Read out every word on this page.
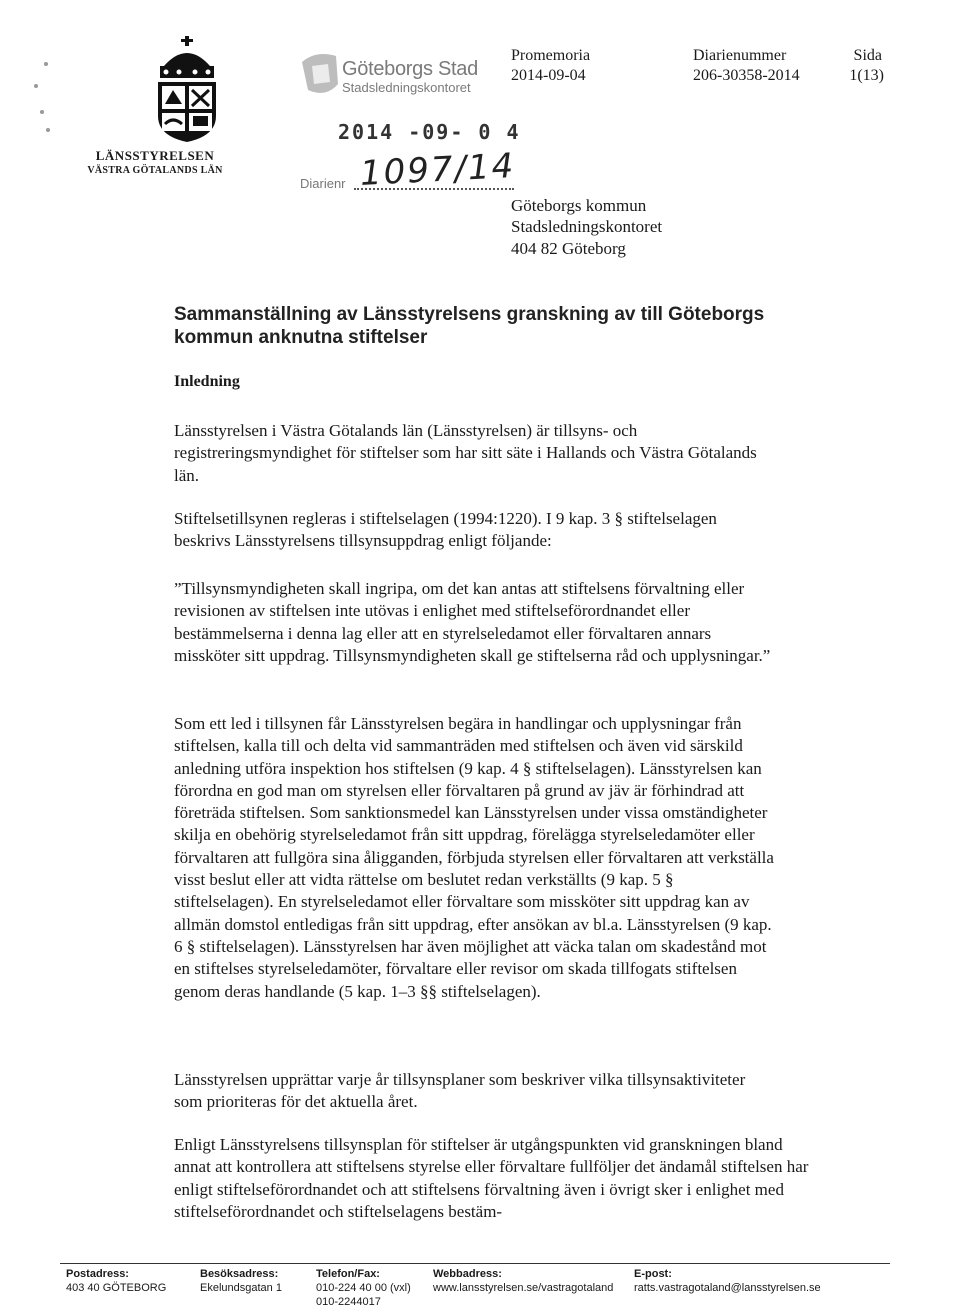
LÄNSSTYRELSEN
VÄSTRA GÖTALANDS LÄN
Göteborgs Stad
Stadsledningskontoret
2014 -09- 0 4
Diarienr 1097/14
Promemoria
2014-09-04
Diarienummer
206-30358-2014
Sida
1(13)
Göteborgs kommun
Stadsledningskontoret
404 82 Göteborg
Sammanställning av Länsstyrelsens granskning av till Göteborgs kommun anknutna stiftelser
Inledning
Länsstyrelsen i Västra Götalands län (Länsstyrelsen) är tillsyns- och registreringsmyndighet för stiftelser som har sitt säte i Hallands och Västra Götalands län.
Stiftelsetillsynen regleras i stiftelselagen (1994:1220). I 9 kap. 3 § stiftelselagen beskrivs Länsstyrelsens tillsynsuppdrag enligt följande:
”Tillsynsmyndigheten skall ingripa, om det kan antas att stiftelsens förvaltning eller revisionen av stiftelsen inte utövas i enlighet med stiftelseförordnandet eller bestämmelserna i denna lag eller att en styrelseledamot eller förvaltaren annars missköter sitt uppdrag. Tillsynsmyndigheten skall ge stiftelserna råd och upplysningar.”
Som ett led i tillsynen får Länsstyrelsen begära in handlingar och upplysningar från stiftelsen, kalla till och delta vid sammanträden med stiftelsen och även vid särskild anledning utföra inspektion hos stiftelsen (9 kap. 4 § stiftelselagen). Länsstyrelsen kan förordna en god man om styrelsen eller förvaltaren på grund av jäv är förhindrad att företräda stiftelsen. Som sanktionsmedel kan Länsstyrelsen under vissa omständigheter skilja en obehörig styrelseledamot från sitt uppdrag, förelägga styrelseledamöter eller förvaltaren att fullgöra sina åligganden, förbjuda styrelsen eller förvaltaren att verkställa visst beslut eller att vidta rättelse om beslutet redan verkställts (9 kap. 5 § stiftelselagen). En styrelseledamot eller förvaltare som missköter sitt uppdrag kan av allmän domstol entledigas från sitt uppdrag, efter ansökan av bl.a. Länsstyrelsen (9 kap. 6 § stiftelselagen). Länsstyrelsen har även möjlighet att väcka talan om skadestånd mot en stiftelses styrelseledamöter, förvaltare eller revisor om skada tillfogats stiftelsen genom deras handlande (5 kap. 1–3 §§ stiftelselagen).
Länsstyrelsen upprättar varje år tillsynsplaner som beskriver vilka tillsynsaktiviteter som prioriteras för det aktuella året.
Enligt Länsstyrelsens tillsynsplan för stiftelser är utgångspunkten vid granskningen bland annat att kontrollera att stiftelsens styrelse eller förvaltare fullföljer det ändamål stiftelsen har enligt stiftelseförordnandet och att stiftelsens förvaltning även i övrigt sker i enlighet med stiftelseförordnandet och stiftelselagens bestäm-
Postadress:
403 40 GÖTEBORG
Besöksadress:
Ekelundsgatan 1
Telefon/Fax:
010-224 40 00 (vxl)
010-2244017
Webbadress:
www.lansstyrelsen.se/vastragotaland
E-post:
ratts.vastragotaland@lansstyrelsen.se
